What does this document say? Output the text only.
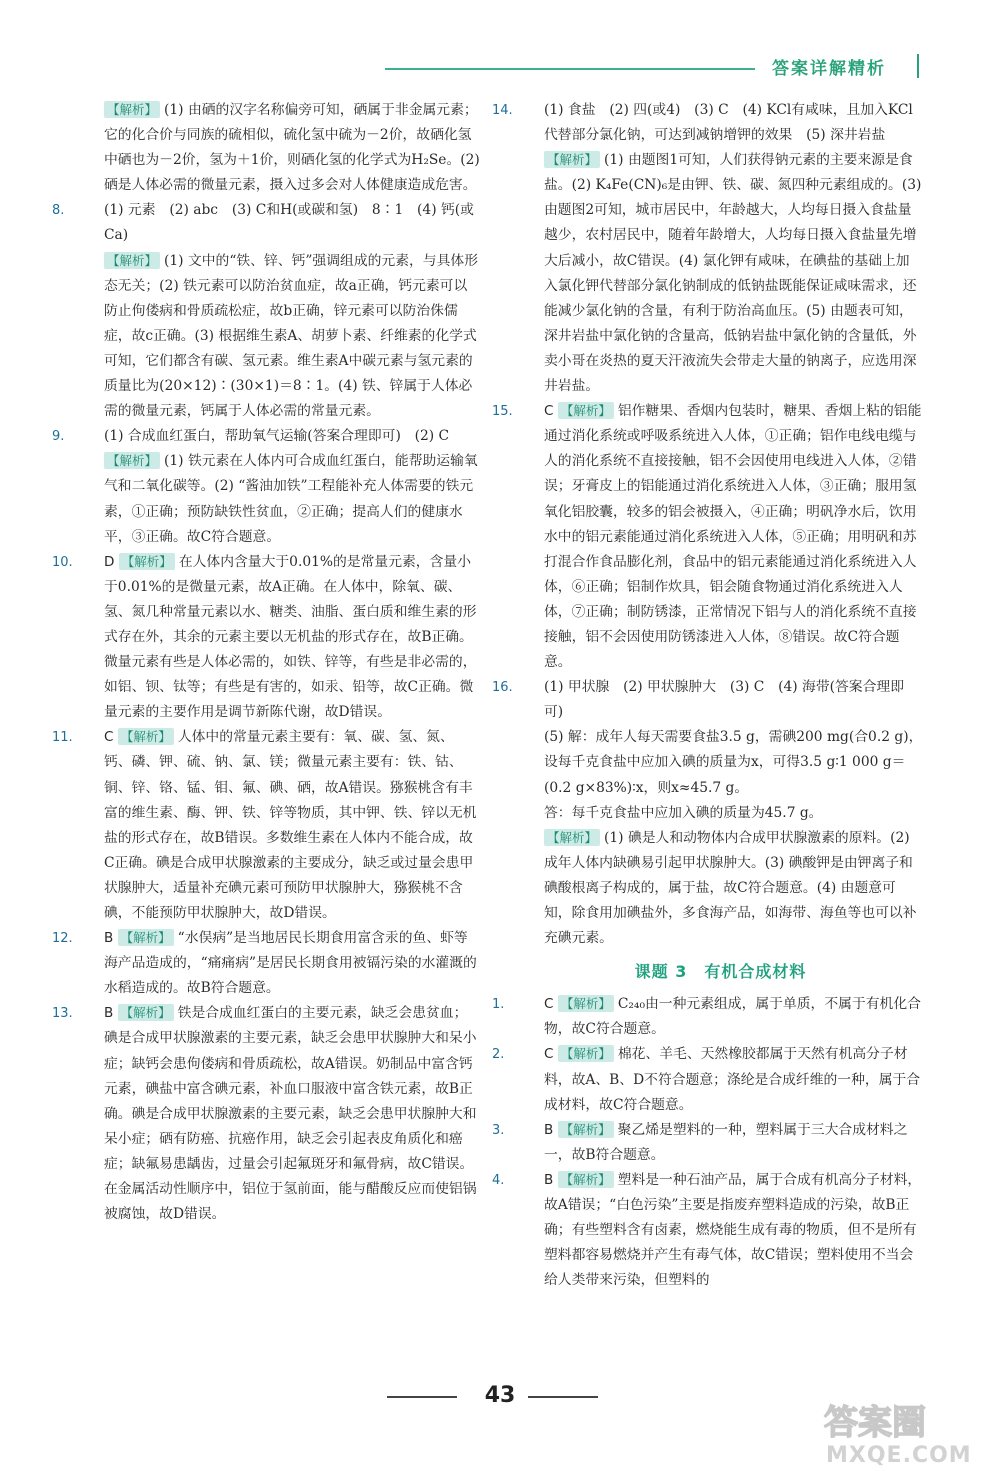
答案详解精析
【解析】 (1) 由硒的汉字名称偏旁可知，硒属于非金属元素；它的化合价与同族的硫相似，硫化氢中硫为－2价，故硒化氢中硒也为－2价，氢为＋1价，则硒化氢的化学式为H₂Se。(2) 硒是人体必需的微量元素，摄入过多会对人体健康造成危害。
8.	(1) 元素　(2) abc　(3) C和H(或碳和氢)　8∶1　(4) 钙(或Ca)
【解析】 (1) 文中的“铁、锌、钙”强调组成的元素，与具体形态无关；(2) 铁元素可以防治贫血症，故a正确，钙元素可以防止佝偻病和骨质疏松症，故b正确，锌元素可以防治侏儒症，故c正确。(3) 根据维生素A、胡萝卜素、纤维素的化学式可知，它们都含有碳、氢元素。维生素A中碳元素与氢元素的质量比为(20×12)∶(30×1)＝8∶1。(4) 铁、锌属于人体必需的微量元素，钙属于人体必需的常量元素。
9.	(1) 合成血红蛋白，帮助氧气运输(答案合理即可)　(2) C
【解析】 (1) 铁元素在人体内可合成血红蛋白，能帮助运输氧气和二氧化碳等。(2) “酱油加铁”工程能补充人体需要的铁元素，①正确；预防缺铁性贫血，②正确；提高人们的健康水平，③正确。故C符合题意。
10. D 【解析】 在人体内含量大于0.01%的是常量元素，含量小于0.01%的是微量元素，故A正确。在人体中，除氧、碳、氢、氮几种常量元素以水、糖类、油脂、蛋白质和维生素的形式存在外，其余的元素主要以无机盐的形式存在，故B正确。微量元素有些是人体必需的，如铁、锌等，有些是非必需的，如铝、钡、钛等；有些是有害的，如汞、铅等，故C正确。微量元素的主要作用是调节新陈代谢，故D错误。
11. C 【解析】 人体中的常量元素主要有：氧、碳、氢、氮、钙、磷、钾、硫、钠、氯、镁；微量元素主要有：铁、钴、铜、锌、铬、锰、钼、氟、碘、硒，故A错误。猕猴桃含有丰富的维生素、酶、钾、铁、锌等物质，其中钾、铁、锌以无机盐的形式存在，故B错误。多数维生素在人体内不能合成，故C正确。碘是合成甲状腺激素的主要成分，缺乏或过量会患甲状腺肿大，适量补充碘元素可预防甲状腺肿大，猕猴桃不含碘，不能预防甲状腺肿大，故D错误。
12. B 【解析】 “水俣病”是当地居民长期食用富含汞的鱼、虾等海产品造成的，“痛痛病”是居民长期食用被镉污染的水灌溉的水稻造成的。故B符合题意。
13. B 【解析】 铁是合成血红蛋白的主要元素，缺乏会患贫血；碘是合成甲状腺激素的主要元素，缺乏会患甲状腺肿大和呆小症；缺钙会患佝偻病和骨质疏松，故A错误。奶制品中富含钙元素，碘盐中富含碘元素，补血口服液中富含铁元素，故B正确。碘是合成甲状腺激素的主要元素，缺乏会患甲状腺肿大和呆小症；硒有防癌、抗癌作用，缺乏会引起表皮角质化和癌症；缺氟易患龋齿，过量会引起氟斑牙和氟骨病，故C错误。在金属活动性顺序中，铝位于氢前面，能与醋酸反应而使铝锅被腐蚀，故D错误。
14. (1) 食盐　(2) 四(或4)　(3) C　(4) KCl有咸味，且加入KCl代替部分氯化钠，可达到减钠增钾的效果　(5) 深井岩盐
【解析】 (1) 由题图1可知，人们获得钠元素的主要来源是食盐。(2) K₄Fe(CN)₆是由钾、铁、碳、氮四种元素组成的。(3) 由题图2可知，城市居民中，年龄越大，人均每日摄入食盐量越少，农村居民中，随着年龄增大，人均每日摄入食盐量先增大后减小，故C错误。(4) 氯化钾有咸味，在碘盐的基础上加入氯化钾代替部分氯化钠制成的低钠盐既能保证咸味需求，还能减少氯化钠的含量，有利于防治高血压。(5) 由题表可知，深井岩盐中氯化钠的含量高，低钠岩盐中氯化钠的含量低，外卖小哥在炎热的夏天汗液流失会带走大量的钠离子，应选用深井岩盐。
15. C 【解析】 铝作糖果、香烟内包装时，糖果、香烟上粘的铝能通过消化系统或呼吸系统进入人体，①正确；铝作电线电缆与人的消化系统不直接接触，铝不会因使用电线进入人体，②错误；牙膏皮上的铝能通过消化系统进入人体，③正确；服用氢氧化铝胶囊，较多的铝会被摄入，④正确；明矾净水后，饮用水中的铝元素能通过消化系统进入人体，⑤正确；用明矾和苏打混合作食品膨化剂，食品中的铝元素能通过消化系统进入人体，⑥正确；铝制作炊具，铝会随食物通过消化系统进入人体，⑦正确；制防锈漆，正常情况下铝与人的消化系统不直接接触，铝不会因使用防锈漆进入人体，⑧错误。故C符合题意。
16. (1) 甲状腺　(2) 甲状腺肿大　(3) C　(4) 海带(答案合理即可)
(5) 解：成年人每天需要食盐3.5 g，需碘200 mg(合0.2 g)，设每千克食盐中应加入碘的质量为x，可得3.5 g∶1 000 g＝(0.2 g×83%)∶x，则x≈45.7 g。
答：每千克食盐中应加入碘的质量为45.7 g。
【解析】 (1) 碘是人和动物体内合成甲状腺激素的原料。(2) 成年人体内缺碘易引起甲状腺肿大。(3) 碘酸钾是由钾离子和碘酸根离子构成的，属于盐，故C符合题意。(4) 由题意可知，除食用加碘盐外，多食海产品，如海带、海鱼等也可以补充碘元素。
课题 3　有机合成材料
1.	C 【解析】 C₂₄₀由一种元素组成，属于单质，不属于有机化合物，故C符合题意。
2.	C 【解析】 棉花、羊毛、天然橡胶都属于天然有机高分子材料，故A、B、D不符合题意；涤纶是合成纤维的一种，属于合成材料，故C符合题意。
3.	B 【解析】 聚乙烯是塑料的一种，塑料属于三大合成材料之一，故B符合题意。
4.	B 【解析】 塑料是一种石油产品，属于合成有机高分子材料，故A错误；“白色污染”主要是指废弃塑料造成的污染，故B正确；有些塑料含有卤素，燃烧能生成有毒的物质，但不是所有塑料都容易燃烧并产生有毒气体，故C错误；塑料使用不当会给人类带来污染，但塑料的
43
答案圈
MXQE.COM
